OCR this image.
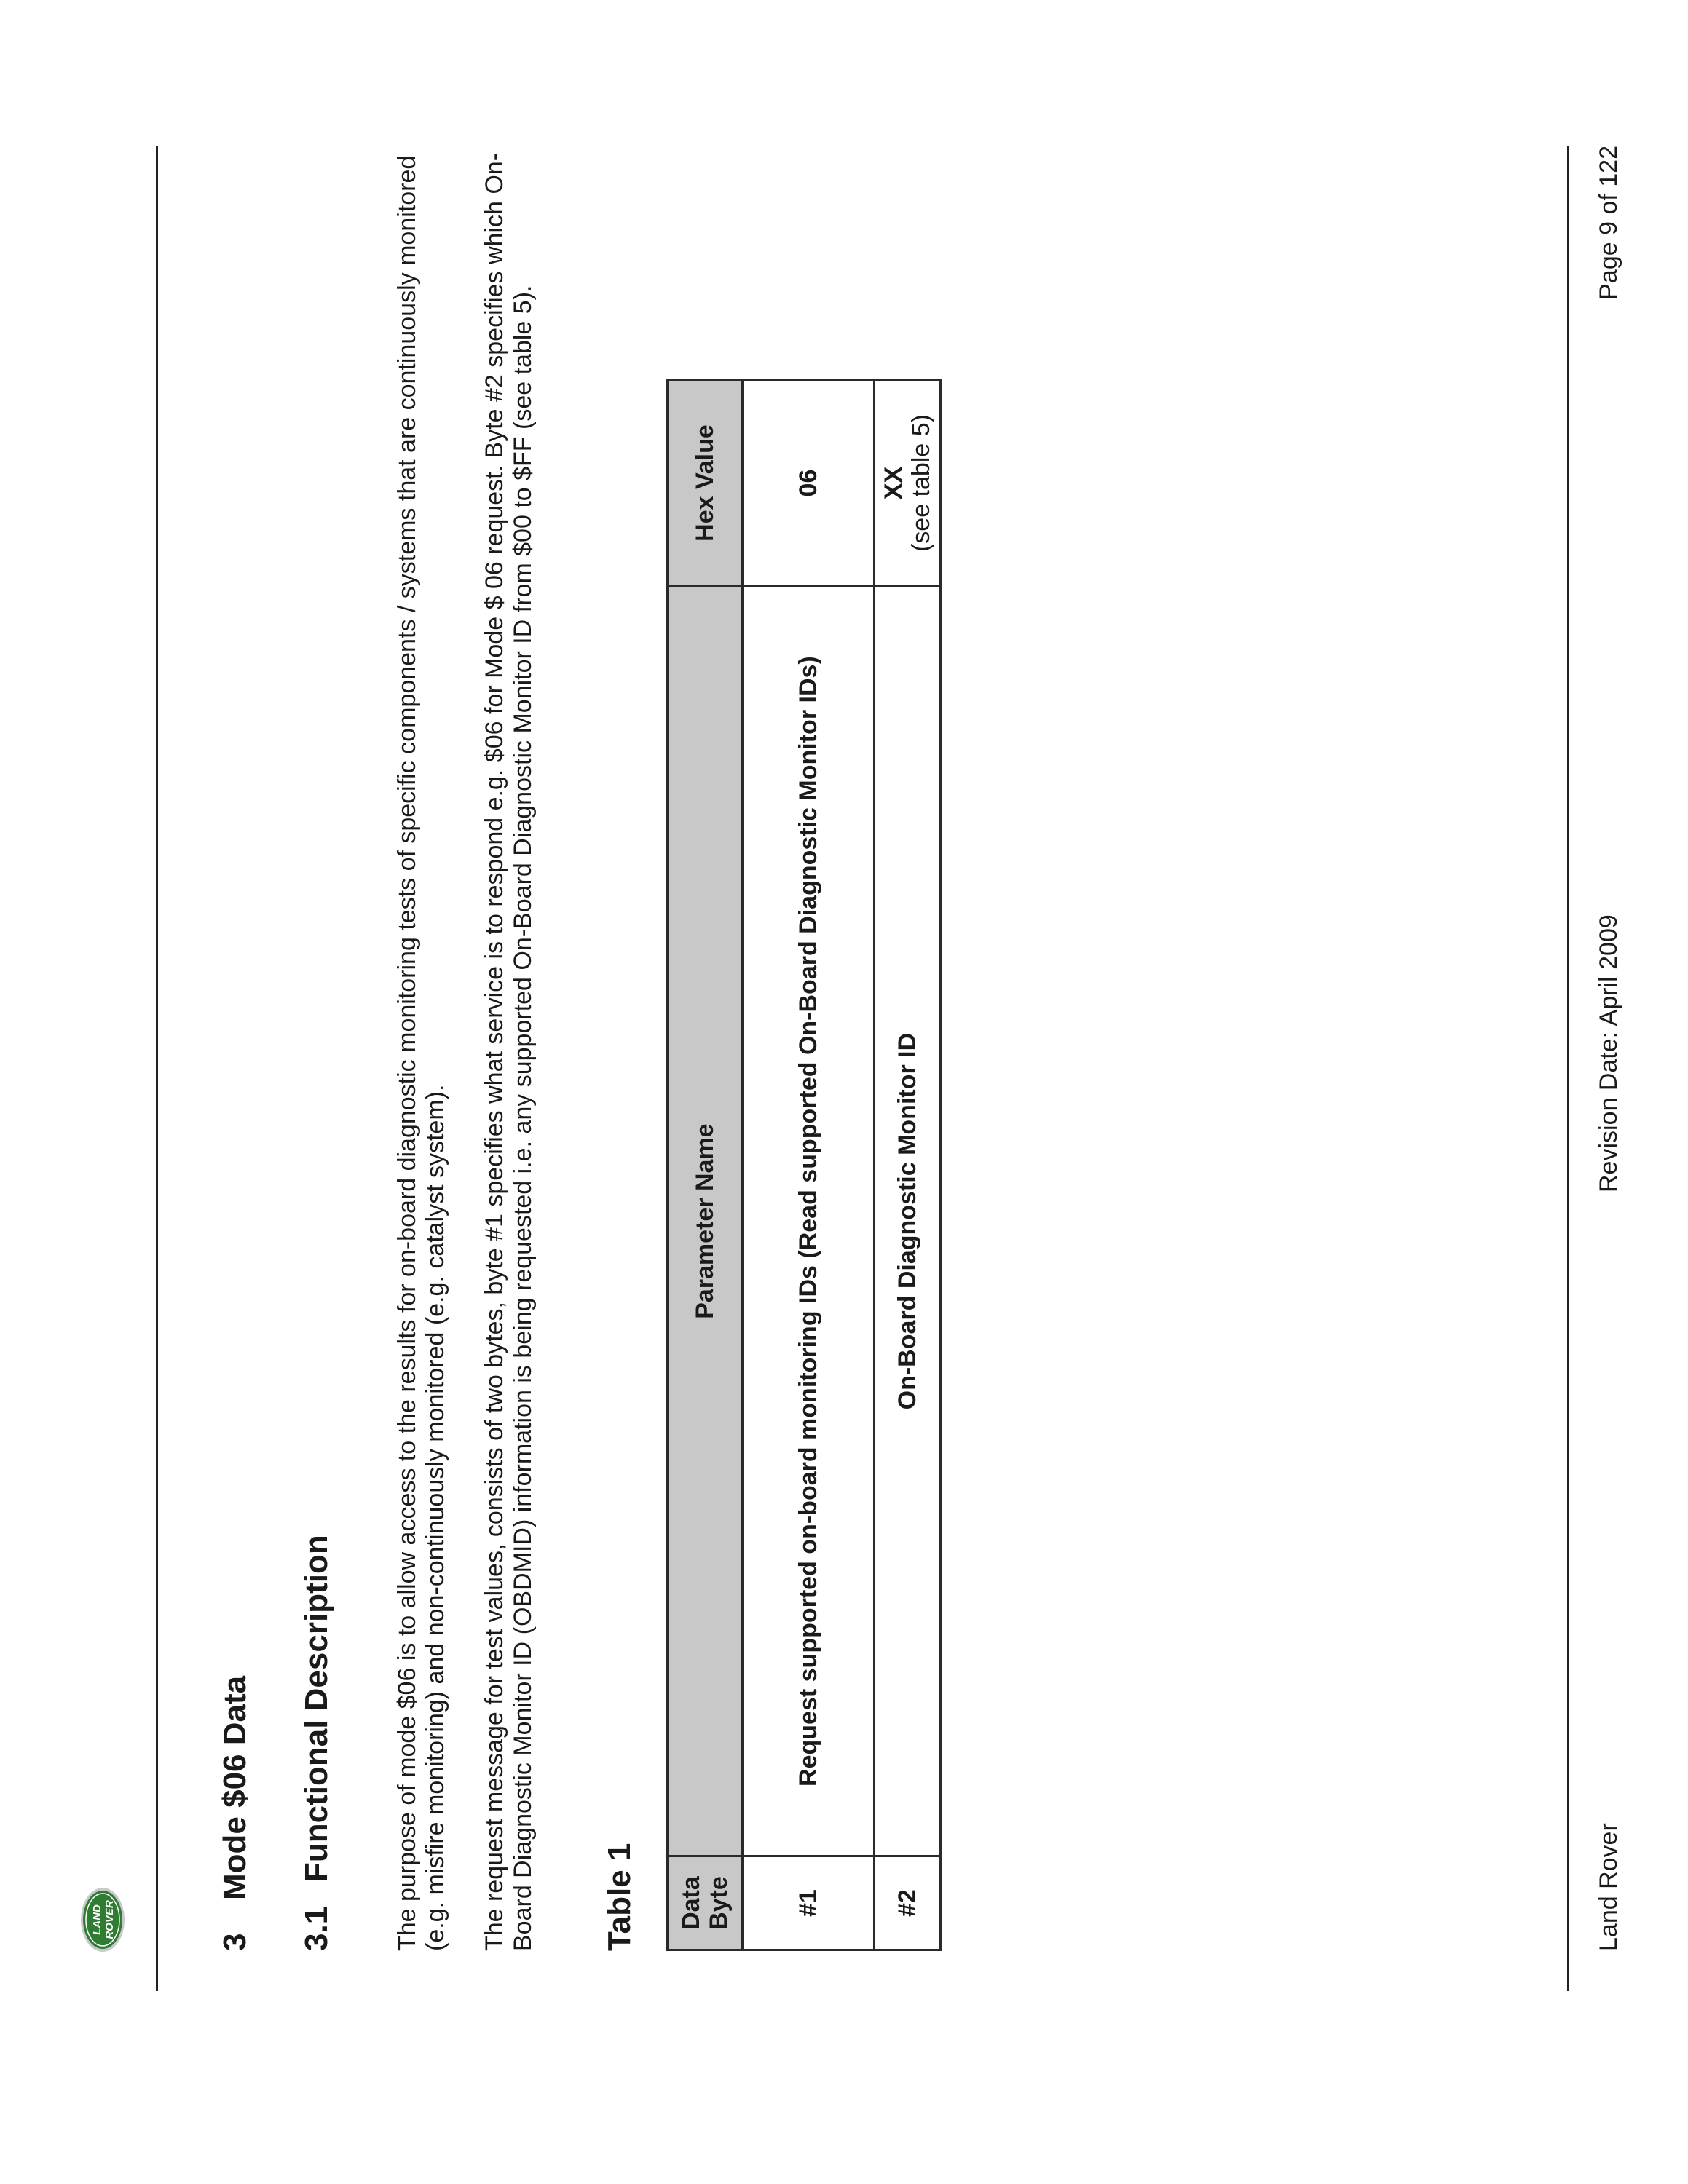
LAND ROVER
3Mode $06 Data
3.1Functional Description The purpose of mode $06 is to allow access to the results for on-board diagnostic monitoring tests of specific components / systems that are continuously monitored (e.g. misfire monitoring) and non-continuously monitored (e.g. catalyst system). The request message for test values, consists of two bytes, byte #1 specifies what service is to respond e.g. $06 for Mode $ 06 request. Byte #2 specifies which On-Board Diagnostic Monitor ID (OBDMID) information is being requested i.e. any supported On-Board Diagnostic Monitor ID from $00 to $FF (see table 5). Table 1 Data Byte	Parameter Name	Hex Value
#1	Request supported on-board monitoring IDs (Read supported On-Board Diagnostic Monitor IDs)	06
#2	On-Board Diagnostic Monitor ID	XX (see table 5)
Land Rover
Revision Date: April 2009
Page 9 of 122
